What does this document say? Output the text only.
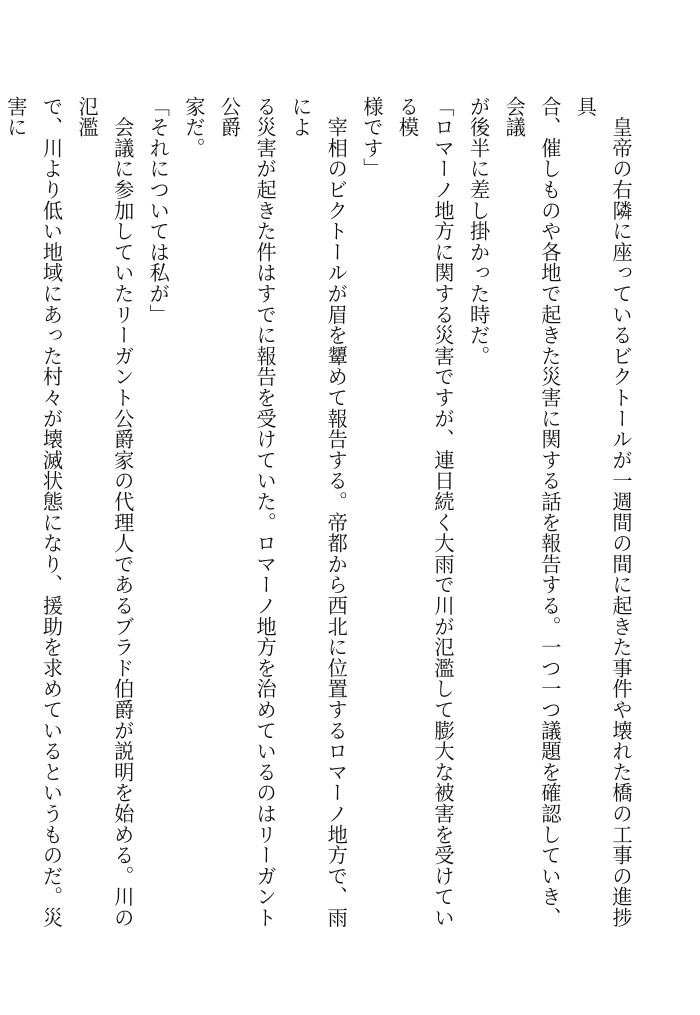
　皇帝の右隣に座っているビクトールが一週間の間に起きた事件や壊れた橋の工事の進捗具

合、催しものや各地で起きた災害に関する話を報告する。一つ一つ議題を確認していき、会議

が後半に差し掛かった時だ。

「ロマーノ地方に関する災害ですが、連日続く大雨で川が氾濫して膨大な被害を受けている模

様です」

　宰相のビクトールが眉を顰めて報告する。帝都から西北に位置するロマーノ地方で、雨によ

る災害が起きた件はすでに報告を受けていた。ロマーノ地方を治めているのはリーガント公爵

家だ。

「それについては私が」

　会議に参加していたリーガント公爵家の代理人であるブラド伯爵が説明を始める。川の氾濫

で、川より低い地域にあった村々が壊滅状態になり、援助を求めているというものだ。災害に
